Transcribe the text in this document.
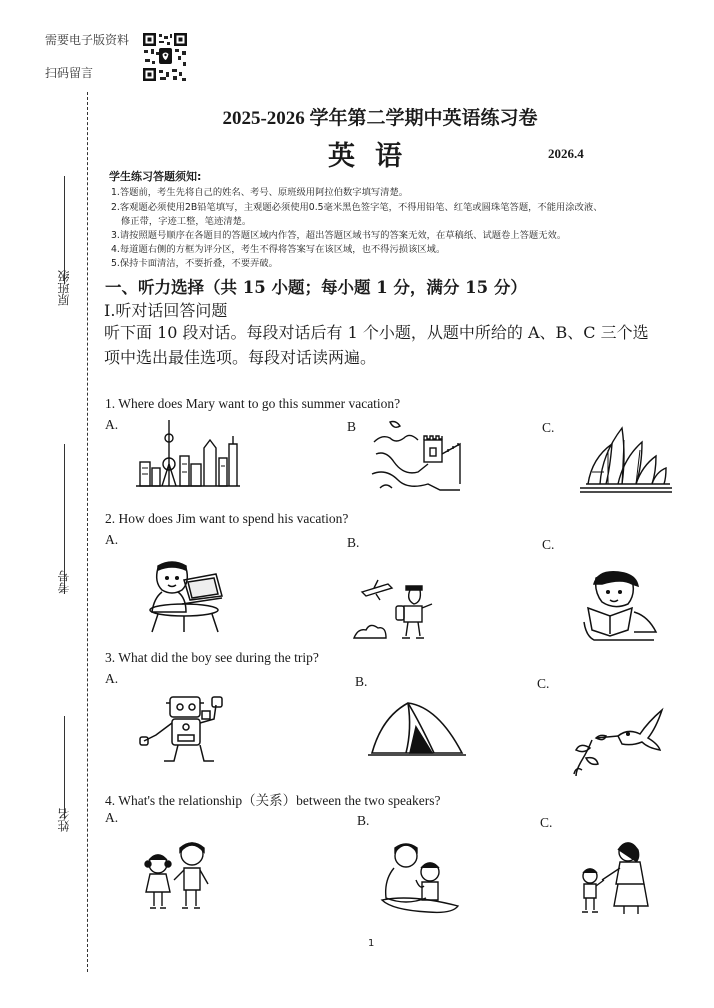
需要电子版资料
扫码留言
原班级
考号
姓名
2025-2026 学年第二学期中英语练习卷
英语	2026.4
学生练习答题须知:
1.答题前，考生先将自己的姓名、考号、原班级用阿拉伯数字填写清楚。
2.客观题必须使用2B铅笔填写，主观题必须使用0.5毫米黑色签字笔，不得用铅笔、红笔或圆珠笔答题，不能用涂改液、
修正带，字迹工整，笔迹清楚。
3.请按照题号顺序在各题目的答题区域内作答，超出答题区域书写的答案无效，在草稿纸、试题卷上答题无效。
4.每道题右侧的方框为评分区，考生不得将答案写在该区域，也不得污损该区域。
5.保持卡面清洁，不要折叠，不要弄破。
一、听力选择（共 15 小题；每小题 1 分，满分 15 分）
I.听对话回答问题
听下面 10 段对话。每段对话后有 1 个小题，从题中所给的 A、B、C 三个选
项中选出最佳选项。每段对话读两遍。
1. Where does Mary want to go this summer vacation?
A.	B	C.
2. How does Jim want to spend his vacation?
A.	B.	C.
3. What did the boy see during the trip?
A.	B.	C.
4. What's the relationship（关系）between the two speakers?
A.	B.	C.
1
